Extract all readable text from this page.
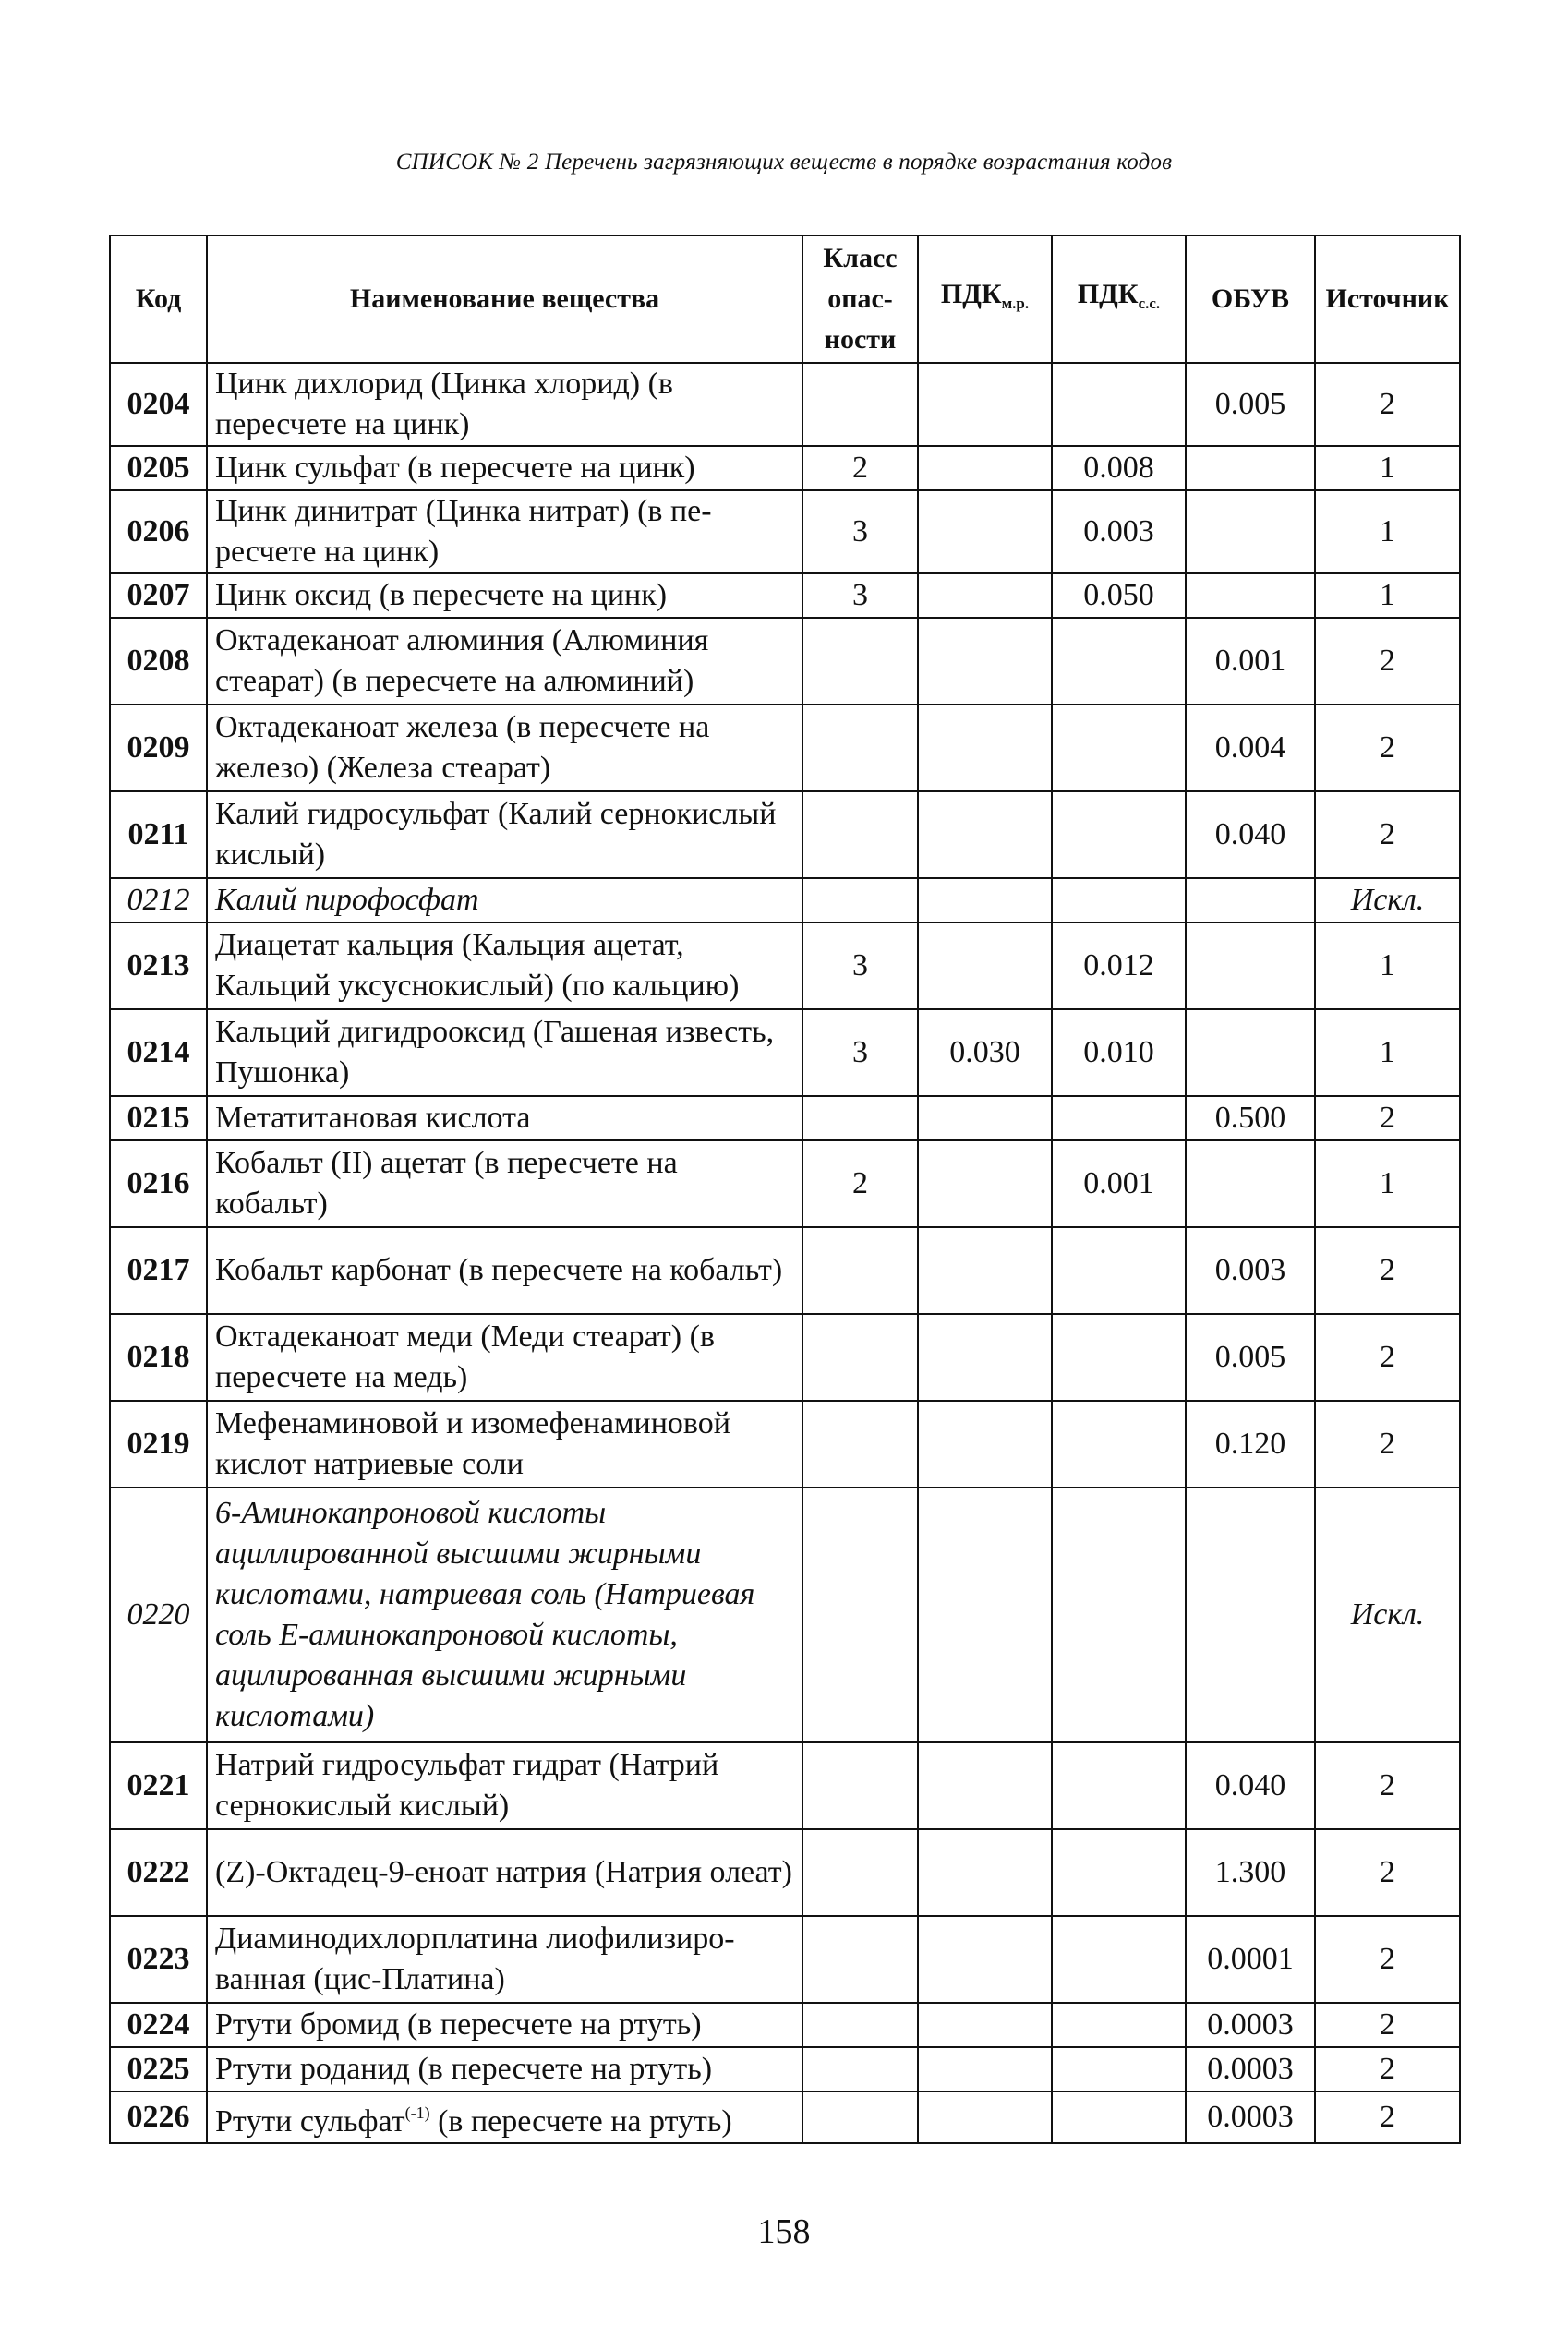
СПИСОК № 2 Перечень загрязняющих веществ в порядке возрастания кодов
Код	Наименование вещества	Класс опасности	$ПДК_{м.р.}$	$ПДК_{с.с.}$	ОБУВ	Источник
0204	Цинк дихлорид (Цинка хлорид) (в пересчете на цинк)				0.005	2
0205	Цинк сульфат (в пересчете на цинк)	2		0.008		1
0206	Цинк динитрат (Цинка нитрат) (в пересчете на цинк)	3		0.003		1
0207	Цинк оксид (в пересчете на цинк)	3		0.050		1
0208	Октадеканоат алюминия (Алюминия стеарат) (в пересчете на алюминий)				0.001	2
0209	Октадеканоат железа (в пересчете на железо) (Железа стеарат)				0.004	2
0211	Калий гидросульфат (Калий сернокислый кислый)				0.040	2
0212	Калий пирофосфат					Искл.
0213	Диацетат кальция (Кальция ацетат, Кальций уксуснокислый) (по кальцию)	3		0.012		1
0214	Кальций дигидрооксид (Гашеная известь, Пушонка)	3	0.030	0.010		1
0215	Метатитановая кислота				0.500	2
0216	Кобальт (II) ацетат (в пересчете на кобальт)	2		0.001		1
0217	Кобальт карбонат (в пересчете на кобальт)				0.003	2
0218	Октадеканоат меди (Меди стеарат) (в пересчете на медь)				0.005	2
0219	Мефенаминовой и изомефенаминовой кислот натриевые соли				0.120	2
0220	6-Аминокапроновой кислоты ациллированной высшими жирными кислотами, натриевая соль (Натриевая соль Е-аминокапроновой кислоты, ацилированная высшими жирными кислотами)					Искл.
0221	Натрий гидросульфат гидрат (Натрий сернокислый кислый)				0.040	2
0222	(Z)-Октадец-9-еноат натрия (Натрия олеат)				1.300	2
0223	Диаминодихлорплатина лиофилизированная (цис-Платина)				0.0001	2
0224	Ртути бромид (в пересчете на ртуть)				0.0003	2
0225	Ртути роданид (в пересчете на ртуть)				0.0003	2
0226	Ртути сульфат$^{(-1)}$ (в пересчете на ртуть)				0.0003	2
158
